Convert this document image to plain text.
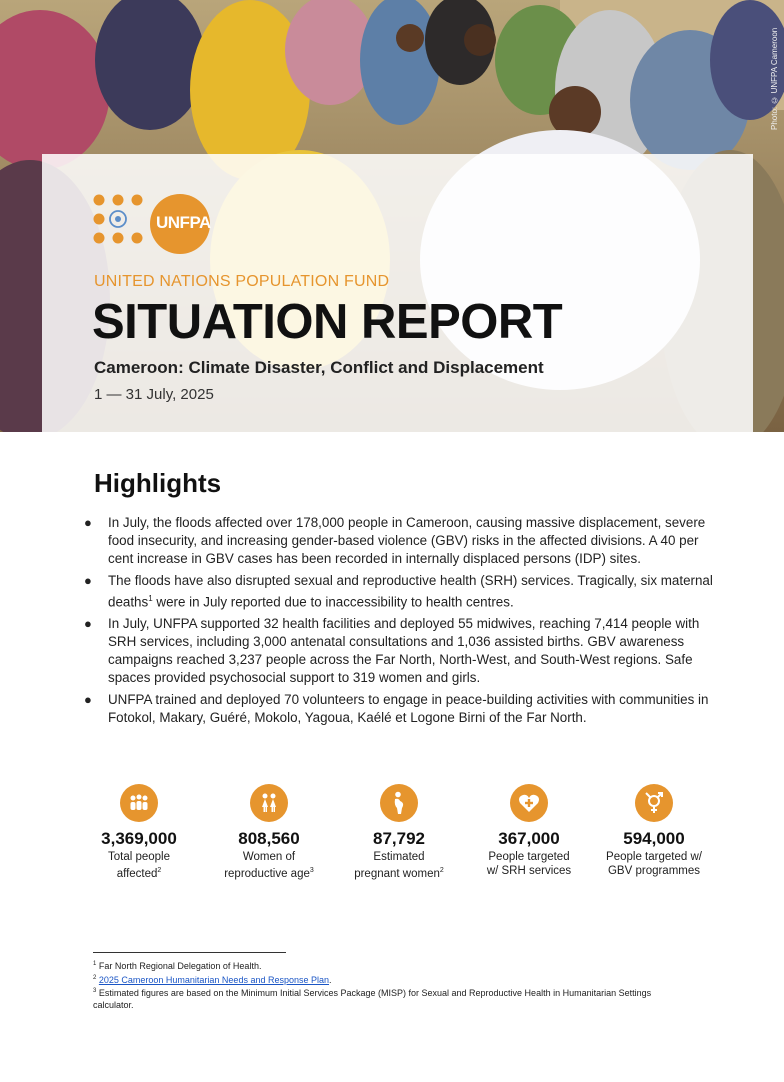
Photo: © UNFPA Cameroon
UNFPA
UNITED NATIONS POPULATION FUND
SITUATION REPORT
Cameroon: Climate Disaster, Conflict and Displacement
1 — 31 July, 2025
Highlights
● In July, the floods affected over 178,000 people in Cameroon, causing massive displacement, severe food insecurity, and increasing gender-based violence (GBV) risks in the affected divisions. A 40 per cent increase in GBV cases has been recorded in internally displaced persons (IDP) sites.
● The floods have also disrupted sexual and reproductive health (SRH) services. Tragically, six maternal deaths$^1$ were in July reported due to inaccessibility to health centres.
● In July, UNFPA supported 32 health facilities and deployed 55 midwives, reaching 7,414 people with SRH services, including 3,000 antenatal consultations and 1,036 assisted births. GBV awareness campaigns reached 3,237 people across the Far North, North-West, and South-West regions. Safe spaces provided psychosocial support to 319 women and girls.
● UNFPA trained and deployed 70 volunteers to engage in peace-building activities with communities in Fotokol, Makary, Guéré, Mokolo, Yagoua, Kaélé et Logone Birni of the Far North.
3,369,000
Total people
affected$^2$
808,560
Women of
reproductive age$^3$
87,792
Estimated
pregnant women$^2$
367,000
People targeted
w/ SRH services
594,000
People targeted w/
GBV programmes
$^1$ Far North Regional Delegation of Health.
$^2$ 2025 Cameroon Humanitarian Needs and Response Plan.
$^3$ Estimated figures are based on the Minimum Initial Services Package (MISP) for Sexual and Reproductive Health in Humanitarian Settings calculator.
